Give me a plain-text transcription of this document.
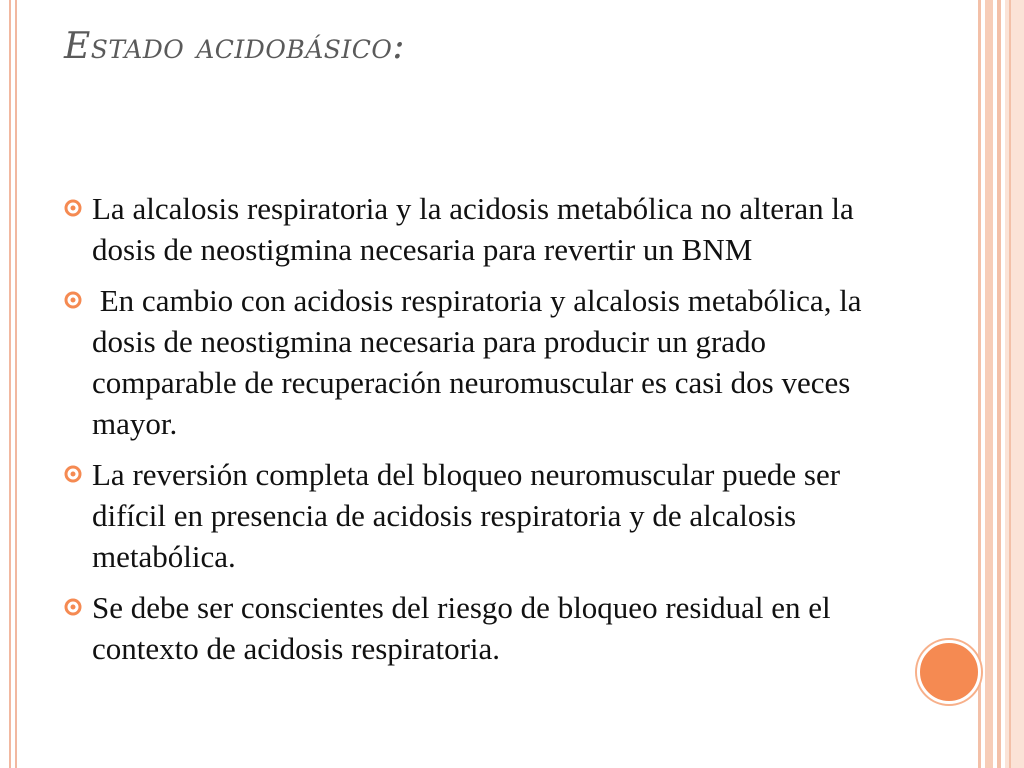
Estado acidobásico:
La alcalosis respiratoria y la acidosis metabólica no alteran la dosis de neostigmina necesaria para revertir un BNM
En cambio con acidosis respiratoria y alcalosis metabólica, la dosis de neostigmina necesaria para producir un grado comparable de recuperación neuromuscular es casi dos veces mayor.
La reversión completa del bloqueo neuromuscular puede ser difícil en presencia de acidosis respiratoria y de alcalosis metabólica.
Se debe ser conscientes del riesgo de bloqueo residual en el contexto de acidosis respiratoria.
